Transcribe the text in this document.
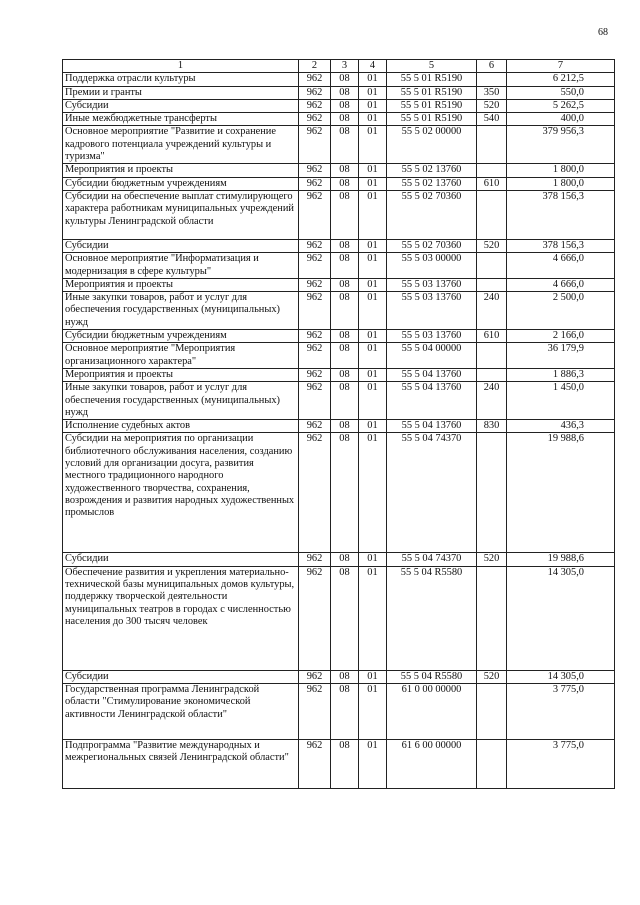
68
1	2	3	4	5	6	7
Поддержка отрасли культуры	962	08	01	55 5 01 R5190		6 212,5
Премии и гранты	962	08	01	55 5 01 R5190	350	550,0
Субсидии	962	08	01	55 5 01 R5190	520	5 262,5
Иные межбюджетные трансферты	962	08	01	55 5 01 R5190	540	400,0
Основное мероприятие "Развитие и сохранение кадрового потенциала учреждений культуры и туризма"	962	08	01	55 5 02 00000		379 956,3
Мероприятия и проекты	962	08	01	55 5 02 13760		1 800,0
Субсидии бюджетным учреждениям	962	08	01	55 5 02 13760	610	1 800,0
Субсидии на обеспечение выплат стимулирующего характера работникам муниципальных учреждений культуры Ленинградской области	962	08	01	55 5 02 70360		378 156,3
Субсидии	962	08	01	55 5 02 70360	520	378 156,3
Основное мероприятие "Информатизация и модернизация в сфере культуры"	962	08	01	55 5 03 00000		4 666,0
Мероприятия и проекты	962	08	01	55 5 03 13760		4 666,0
Иные закупки товаров, работ и услуг для обеспечения государственных (муниципальных) нужд	962	08	01	55 5 03 13760	240	2 500,0
Субсидии бюджетным учреждениям	962	08	01	55 5 03 13760	610	2 166,0
Основное мероприятие "Мероприятия организационного характера"	962	08	01	55 5 04 00000		36 179,9
Мероприятия и проекты	962	08	01	55 5 04 13760		1 886,3
Иные закупки товаров, работ и услуг для обеспечения государственных (муниципальных) нужд	962	08	01	55 5 04 13760	240	1 450,0
Исполнение судебных актов	962	08	01	55 5 04 13760	830	436,3
Субсидии на мероприятия по организации библиотечного обслуживания населения, созданию условий для организации досуга, развития местного традиционного народного художественного творчества, сохранения, возрождения и развития народных художественных промыслов	962	08	01	55 5 04 74370		19 988,6
Субсидии	962	08	01	55 5 04 74370	520	19 988,6
Обеспечение развития и укрепления материально-технической базы муниципальных домов культуры, поддержку творческой деятельности муниципальных театров в городах с численностью населения до 300 тысяч человек	962	08	01	55 5 04 R5580		14 305,0
Субсидии	962	08	01	55 5 04 R5580	520	14 305,0
Государственная программа Ленинградской области "Стимулирование экономической активности Ленинградской области"	962	08	01	61 0 00 00000		3 775,0
Подпрограмма "Развитие международных и межрегиональных связей Ленинградской области"	962	08	01	61 6 00 00000		3 775,0
